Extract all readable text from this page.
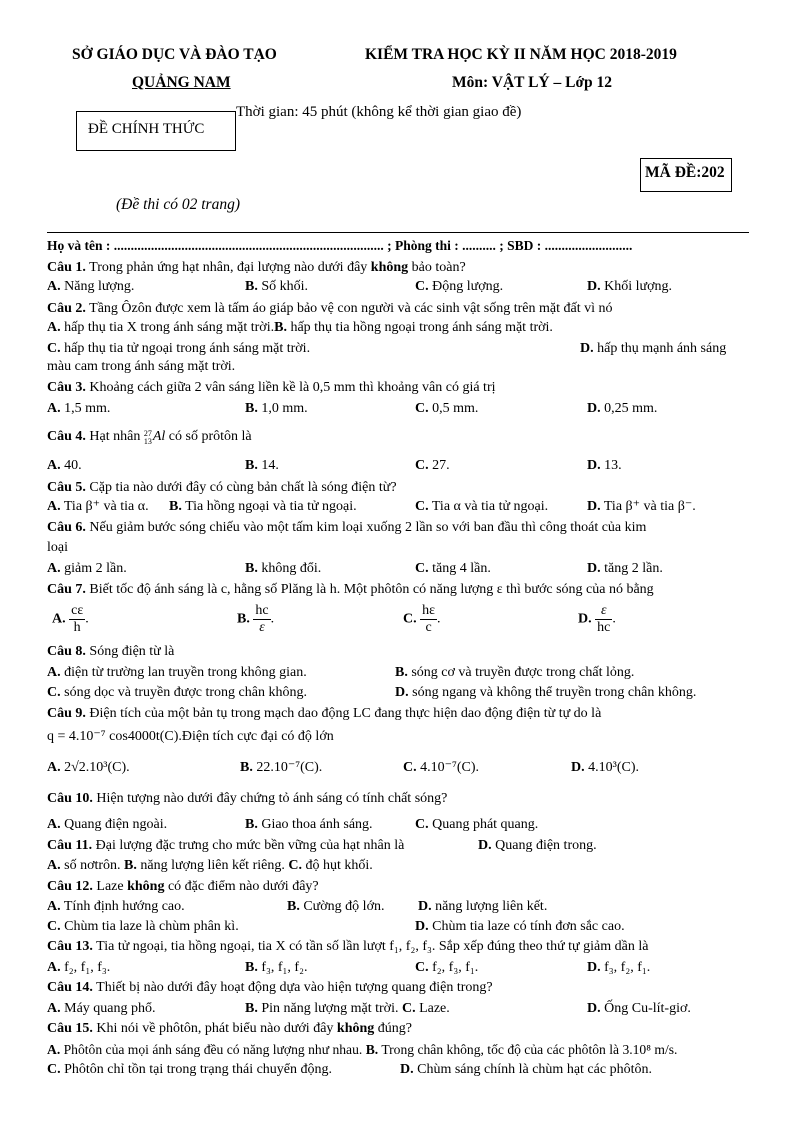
SỞ GIÁO DỤC VÀ ĐÀO TẠO
QUẢNG NAM
KIỂM TRA HỌC KỲ II NĂM HỌC 2018-2019
Môn: VẬT LÝ – Lớp 12
ĐỀ CHÍNH THỨC
Thời gian: 45 phút (không kể thời gian giao đề)
MÃ ĐỀ:202
(Đề thi có 02 trang)
Họ và tên : ................................................................................ ; Phòng thi : .......... ; SBD : ..........................
Câu 1. Trong phản ứng hạt nhân, đại lượng nào dưới đây không bảo toàn?
A. Năng lượng.	B. Số khối.	C. Động lượng.	D. Khối lượng.
Câu 2. Tầng Ôzôn được xem là tấm áo giáp bảo vệ con người và các sinh vật sống trên mặt đất vì nó
A. hấp thụ tia X trong ánh sáng mặt trời.B. hấp thụ tia hồng ngoại trong ánh sáng mặt trời.
C. hấp thụ tia tử ngoại trong ánh sáng mặt trời.	D. hấp thụ mạnh ánh sáng
màu cam trong ánh sáng mặt trời.
Câu 3. Khoảng cách giữa 2 vân sáng liền kề là 0,5 mm thì khoảng vân có giá trị
A. 1,5 mm.	B. 1,0 mm.	C. 0,5 mm.	D. 0,25 mm.
Câu 4. Hạt nhân 27
13 Al có số prôtôn là
A. 40.	B. 14.	C. 27.	D. 13.
Câu 5. Cặp tia nào dưới đây có cùng bản chất là sóng điện từ?
A. Tia β⁺ và tia α. B. Tia hồng ngoại và tia tử ngoại.	C. Tia α và tia tử ngoại.	D. Tia β⁺ và tia β⁻.
Câu 6. Nếu giảm bước sóng chiếu vào một tấm kim loại xuống 2 lần so với ban đầu thì công thoát của kim
loại
A. giảm 2 lần.	B. không đổi.	C. tăng 4 lần.	D. tăng 2 lần.
Câu 7. Biết tốc độ ánh sáng là c, hằng số Plăng là h. Một phôtôn có năng lượng ε thì bước sóng của nó bằng
A. $\frac{c\varepsilon}{h}$ .	B. $\frac{hc}{\varepsilon}$ .	C. $\frac{h\varepsilon}{c}$ .	D. $\frac{\varepsilon}{hc}$ .
Câu 8. Sóng điện từ là
A. điện từ trường lan truyền trong không gian.	B. sóng cơ và truyền được trong chất lỏng.
C. sóng dọc và truyền được trong chân không.	D. sóng ngang và không thể truyền trong chân không.
Câu 9. Điện tích của một bản tụ trong mạch dao động LC đang thực hiện dao động điện từ tự do là
q = 4.10⁻⁷ cos4000t(C).Điện tích cực đại có độ lớn
A. 2√2.10³(C).	B. 22.10⁻⁷(C).	C. 4.10⁻⁷(C).	D. 4.10³(C).
Câu 10. Hiện tượng nào dưới đây chứng tỏ ánh sáng có tính chất sóng?
A. Quang điện ngoài.	B. Giao thoa ánh sáng.	C. Quang phát quang.
Câu 11. Đại lượng đặc trưng cho mức bền vững của hạt nhân là	D. Quang điện trong.
A. số nơtrôn. B. năng lượng liên kết riêng. C. độ hụt khối.
Câu 12. Laze không có đặc điểm nào dưới đây?
A. Tính định hướng cao.	B. Cường độ lớn. D. năng lượng liên kết.
C. Chùm tia laze là chùm phân kì.	D. Chùm tia laze có tính đơn sắc cao.
Câu 13. Tia tử ngoại, tia hồng ngoại, tia X có tần số lần lượt f₁, f₂, f₃. Sắp xếp đúng theo thứ tự giảm dần là
A. f₂, f₁, f₃.	B. f₃, f₁, f₂.	C. f₂, f₃, f₁.	D. f₃, f₂, f₁.
Câu 14. Thiết bị nào dưới đây hoạt động dựa vào hiện tượng quang điện trong?
A. Máy quang phổ.	B. Pin năng lượng mặt trời. C. Laze.	D. Ống Cu-lít-giơ.
Câu 15. Khi nói về phôtôn, phát biểu nào dưới đây không đúng?
A. Phôtôn của mọi ánh sáng đều có năng lượng như nhau. B. Trong chân không, tốc độ của các phôtôn là 3.10⁸ m/s.
C. Phôtôn chỉ tồn tại trong trạng thái chuyển động.	D. Chùm sáng chính là chùm hạt các phôtôn.
